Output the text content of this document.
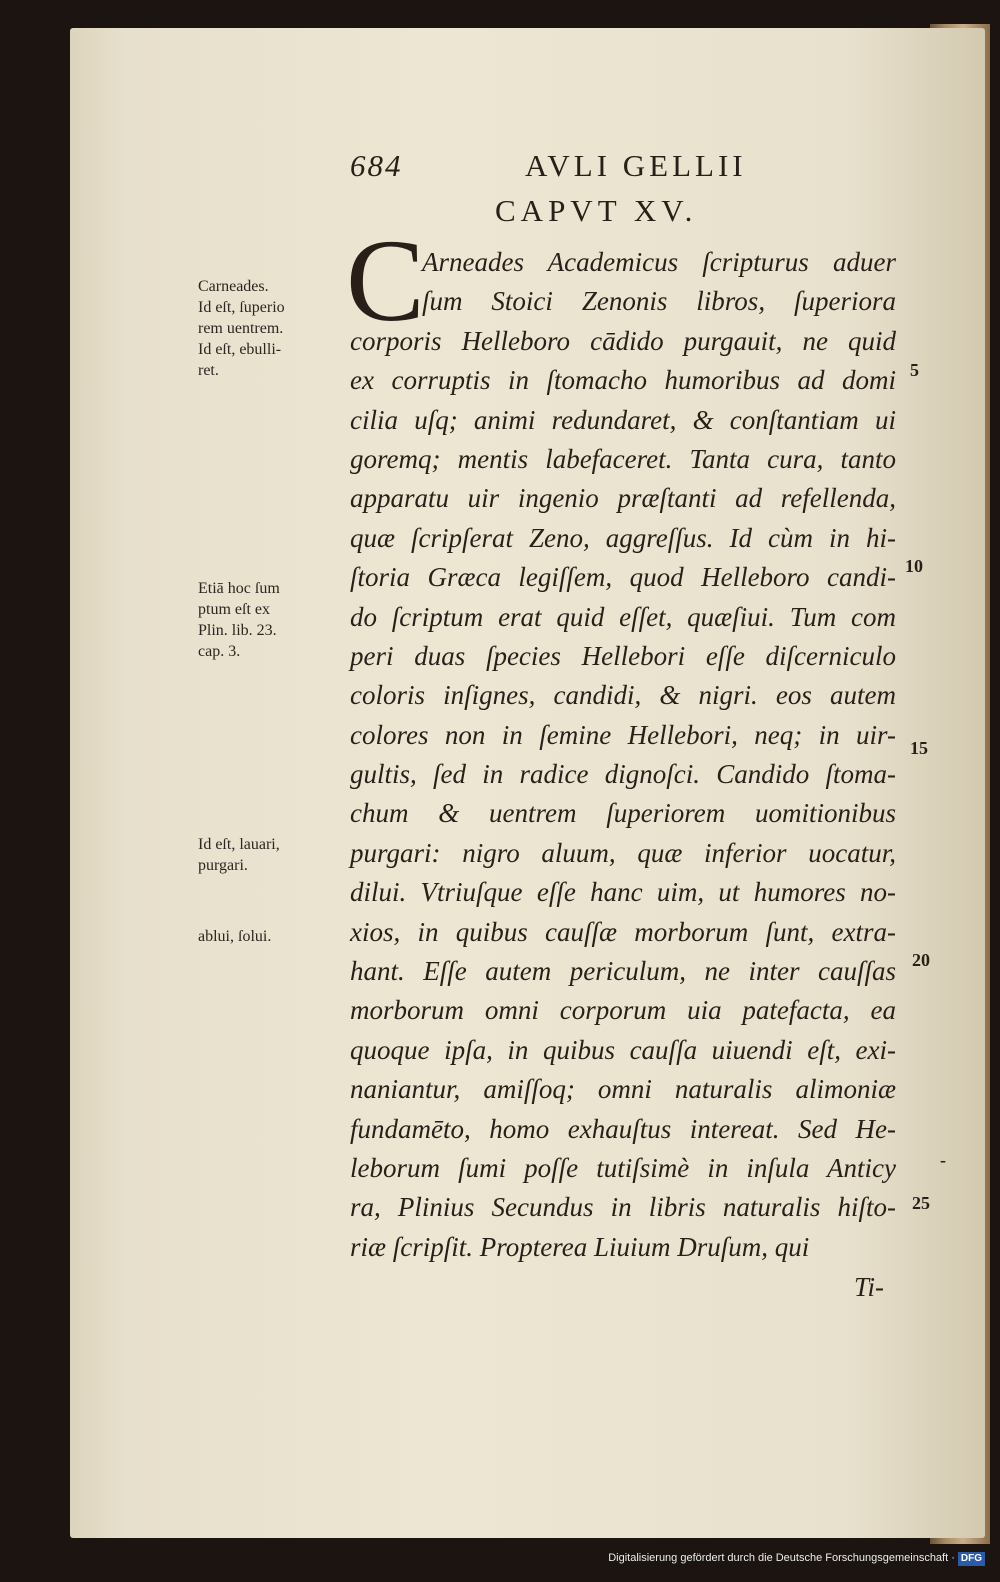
684	AVLI GELLII
CAPVT XV.
C
Arneades Academicus ſcripturus aduer
ſum Stoici Zenonis libros, ſuperiora
corporis Helleboro cādido purgauit, ne quid
ex corruptis in ſtomacho humoribus ad domi
cilia uſq; animi redundaret, & conſtantiam ui
goremq; mentis labefaceret. Tanta cura, tanto
apparatu uir ingenio præſtanti ad refellenda,
quæ ſcripſerat Zeno, aggreſſus. Id cùm in hi-
ſtoria Græca legiſſem, quod Helleboro candi-
do ſcriptum erat quid eſſet, quæſiui. Tum com
peri duas ſpecies Hellebori eſſe diſcerniculo
coloris inſignes, candidi, & nigri. eos autem
colores non in ſemine Hellebori, neq; in uir-
gultis, ſed in radice dignoſci. Candido ſtoma-
chum & uentrem ſuperiorem uomitionibus
purgari: nigro aluum, quæ inferior uocatur,
dilui. Vtriuſque eſſe hanc uim, ut humores no-
xios, in quibus cauſſæ morborum ſunt, extra-
hant. Eſſe autem periculum, ne inter cauſſas
morborum omni corporum uia patefacta, ea
quoque ipſa, in quibus cauſſa uiuendi eſt, exi-
naniantur, amiſſoq; omni naturalis alimoniæ
fundamēto, homo exhauſtus intereat. Sed He-
leborum ſumi poſſe tutiſsimè in inſula Anticy
ra, Plinius Secundus in libris naturalis hiſto-
riæ ſcripſit. Propterea Liuium Druſum, qui
Ti-
Carneades.
Id eſt, ſuperio
rem uentrem.
Id eſt, ebulli-
ret.
Etiā hoc ſum
ptum eſt ex
Plin. lib. 23.
cap. 3.
Id eſt, lauari,
purgari.
ablui, ſolui.
5
10
15
20
-
25
Digitalisierung gefördert durch die Deutsche Forschungsgemeinschaft · DFG
